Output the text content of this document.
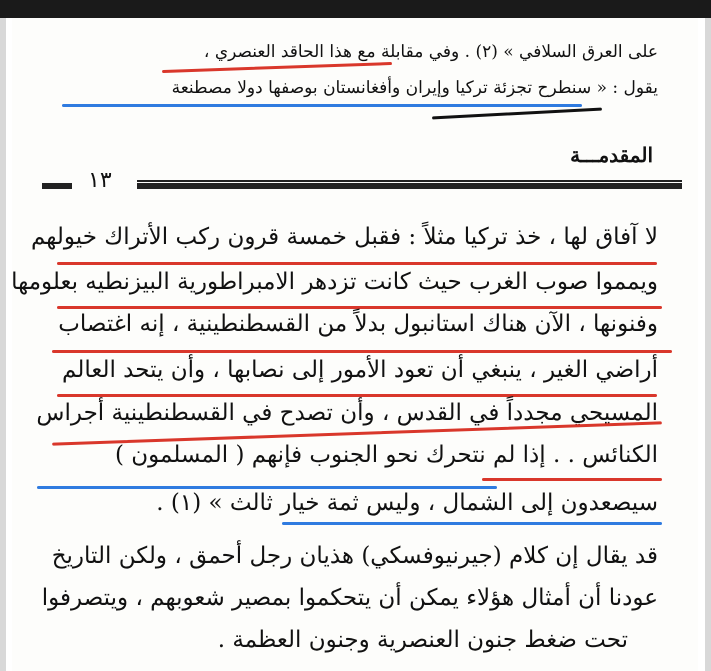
على العرق السلافي » (٢) . وفي مقابلة مع هذا الحاقد العنصري ،
يقول : « سنطرح تجزئة تركيا وإيران وأفغانستان بوصفها دولا مصطنعة
المقدمـــة
١٣
لا آفاق لها ، خذ تركيا مثلاً : فقبل خمسة قرون ركب الأتراك خيولهم
ويمموا صوب الغرب حيث كانت تزدهر الامبراطورية البيزنطيه بعلومها
وفنونها ، الآن هناك استانبول بدلاً من القسطنطينية ، إنه اغتصاب
أراضي الغير ، ينبغي أن تعود الأمور إلى نصابها ، وأن يتحد العالم
المسيحي مجدداً في القدس ، وأن تصدح في القسطنطينية أجراس
الكنائس . . إذا لم نتحرك نحو الجنوب فإنهم ( المسلمون )
سيصعدون إلى الشمال ، وليس ثمة خيار ثالث » (١) .
قد يقال إن كلام (جيرنيوفسكي) هذيان رجل أحمق ، ولكن التاريخ
عودنا أن أمثال هؤلاء يمكن أن يتحكموا بمصير شعوبهم ، ويتصرفوا
تحت ضغط جنون العنصرية وجنون العظمة .
